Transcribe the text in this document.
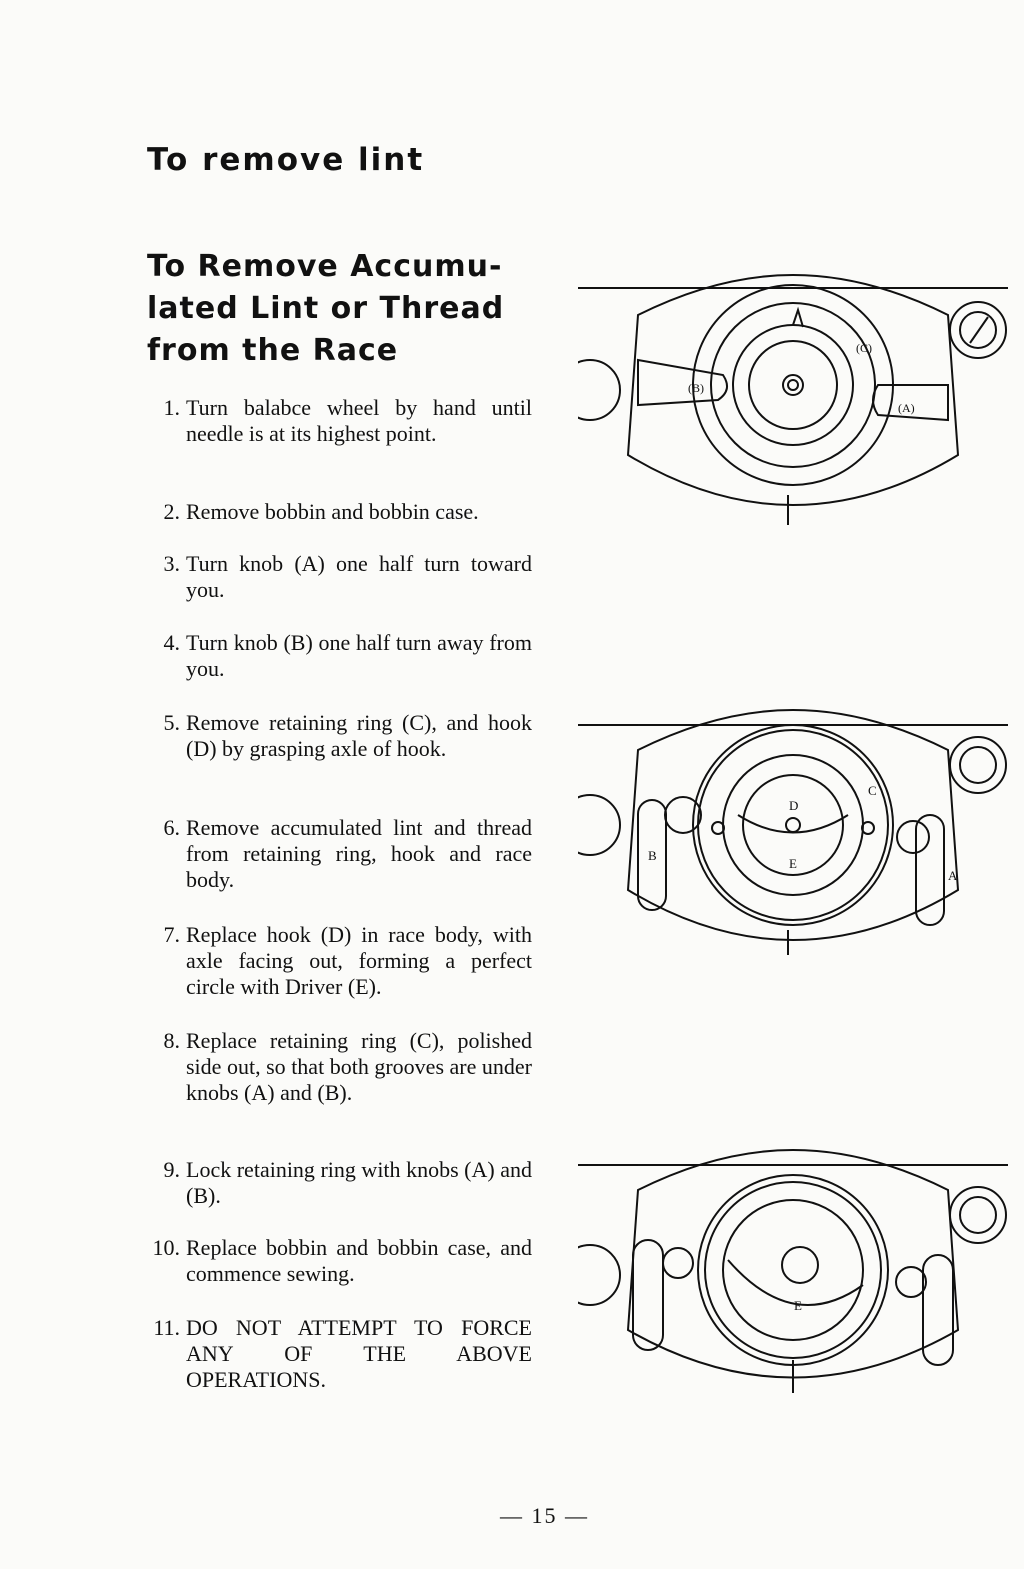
To remove lint
To Remove Accumu-
lated Lint or Thread
from the Race
1. Turn balabce wheel by hand until needle is at its highest point.
2. Remove bobbin and bobbin case.
3. Turn knob (A) one half turn toward you.
4. Turn knob (B) one half turn away from you.
5. Remove retaining ring (C), and hook (D) by grasping axle of hook.
6. Remove accumulated lint and thread from retaining ring, hook and race body.
7. Replace hook (D) in race body, with axle facing out, forming a perfect circle with Driver (E).
8. Replace retaining ring (C), polished side out, so that both grooves are under knobs (A) and (B).
9. Lock retaining ring with knobs (A) and (B).
10. Replace bobbin and bobbin case, and commence sewing.
11. DO NOT ATTEMPT TO FORCE ANY OF THE ABOVE OPERATIONS.
(B)
(A)
(C)
B
A
C
D
E
E
— 15 —
